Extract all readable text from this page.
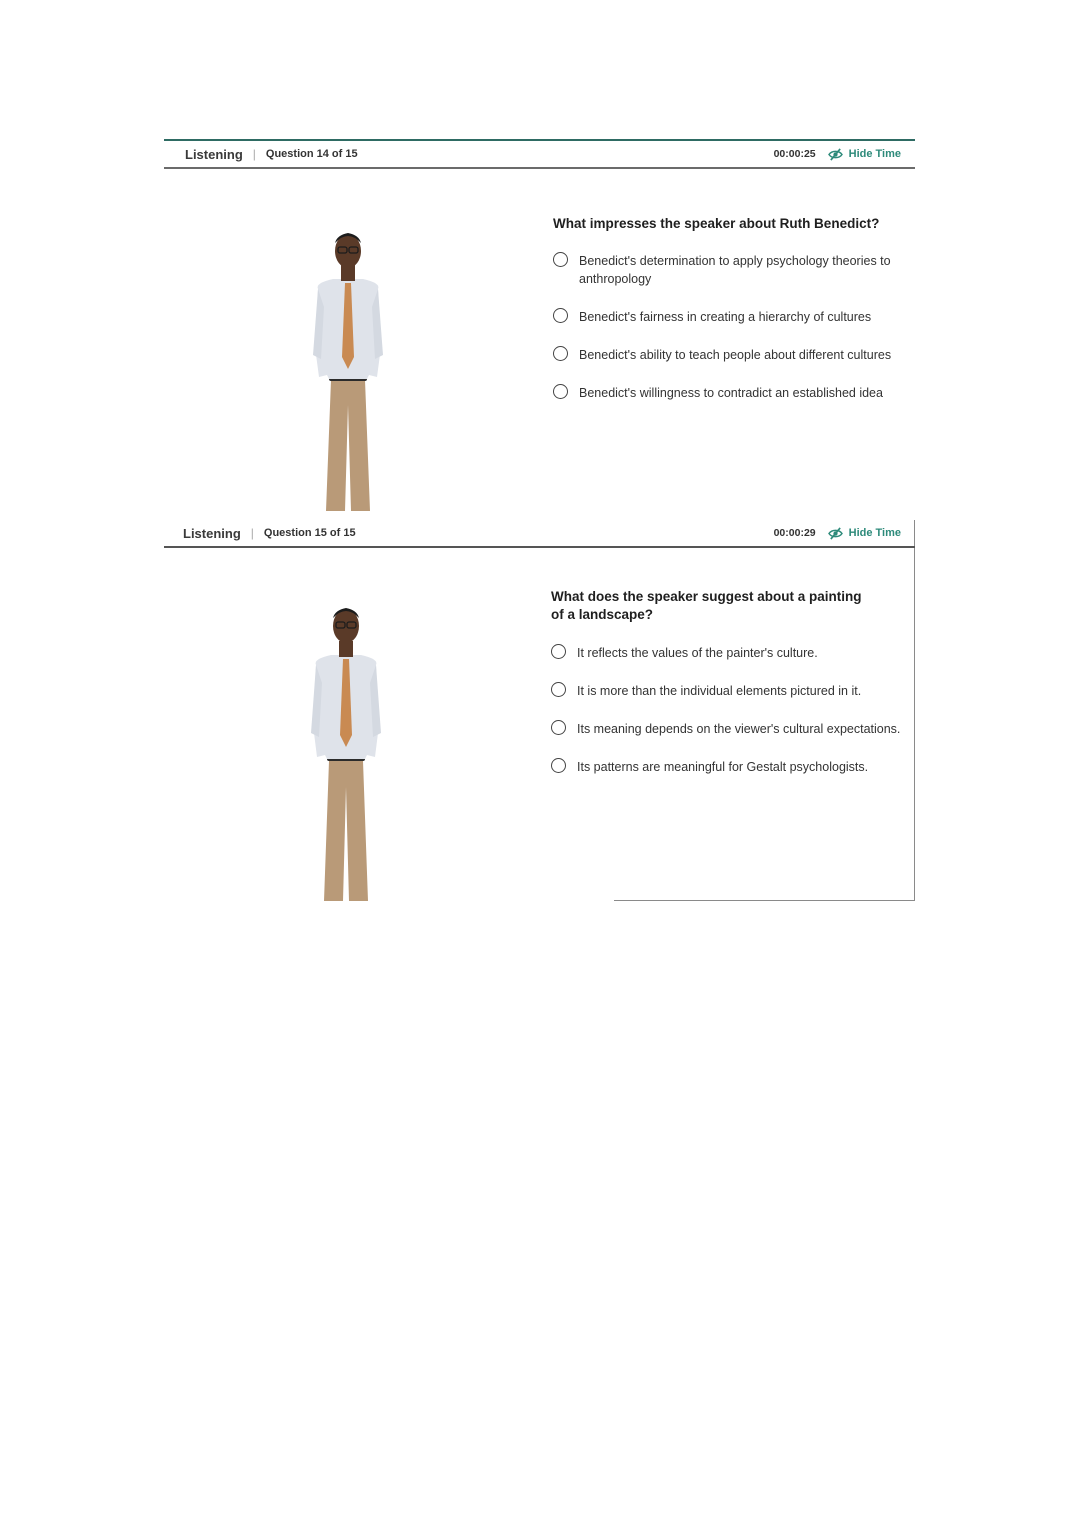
Listening | Question 14 of 15	00:00:25	Hide Time
What impresses the speaker about Ruth Benedict?
Benedict's determination to apply psychology theories to anthropology
Benedict's fairness in creating a hierarchy of cultures
Benedict's ability to teach people about different cultures
Benedict's willingness to contradict an established idea
Listening | Question 15 of 15	00:00:29	Hide Time
What does the speaker suggest about a painting of a landscape?
It reflects the values of the painter's culture.
It is more than the individual elements pictured in it.
Its meaning depends on the viewer's cultural expectations.
Its patterns are meaningful for Gestalt psychologists.
